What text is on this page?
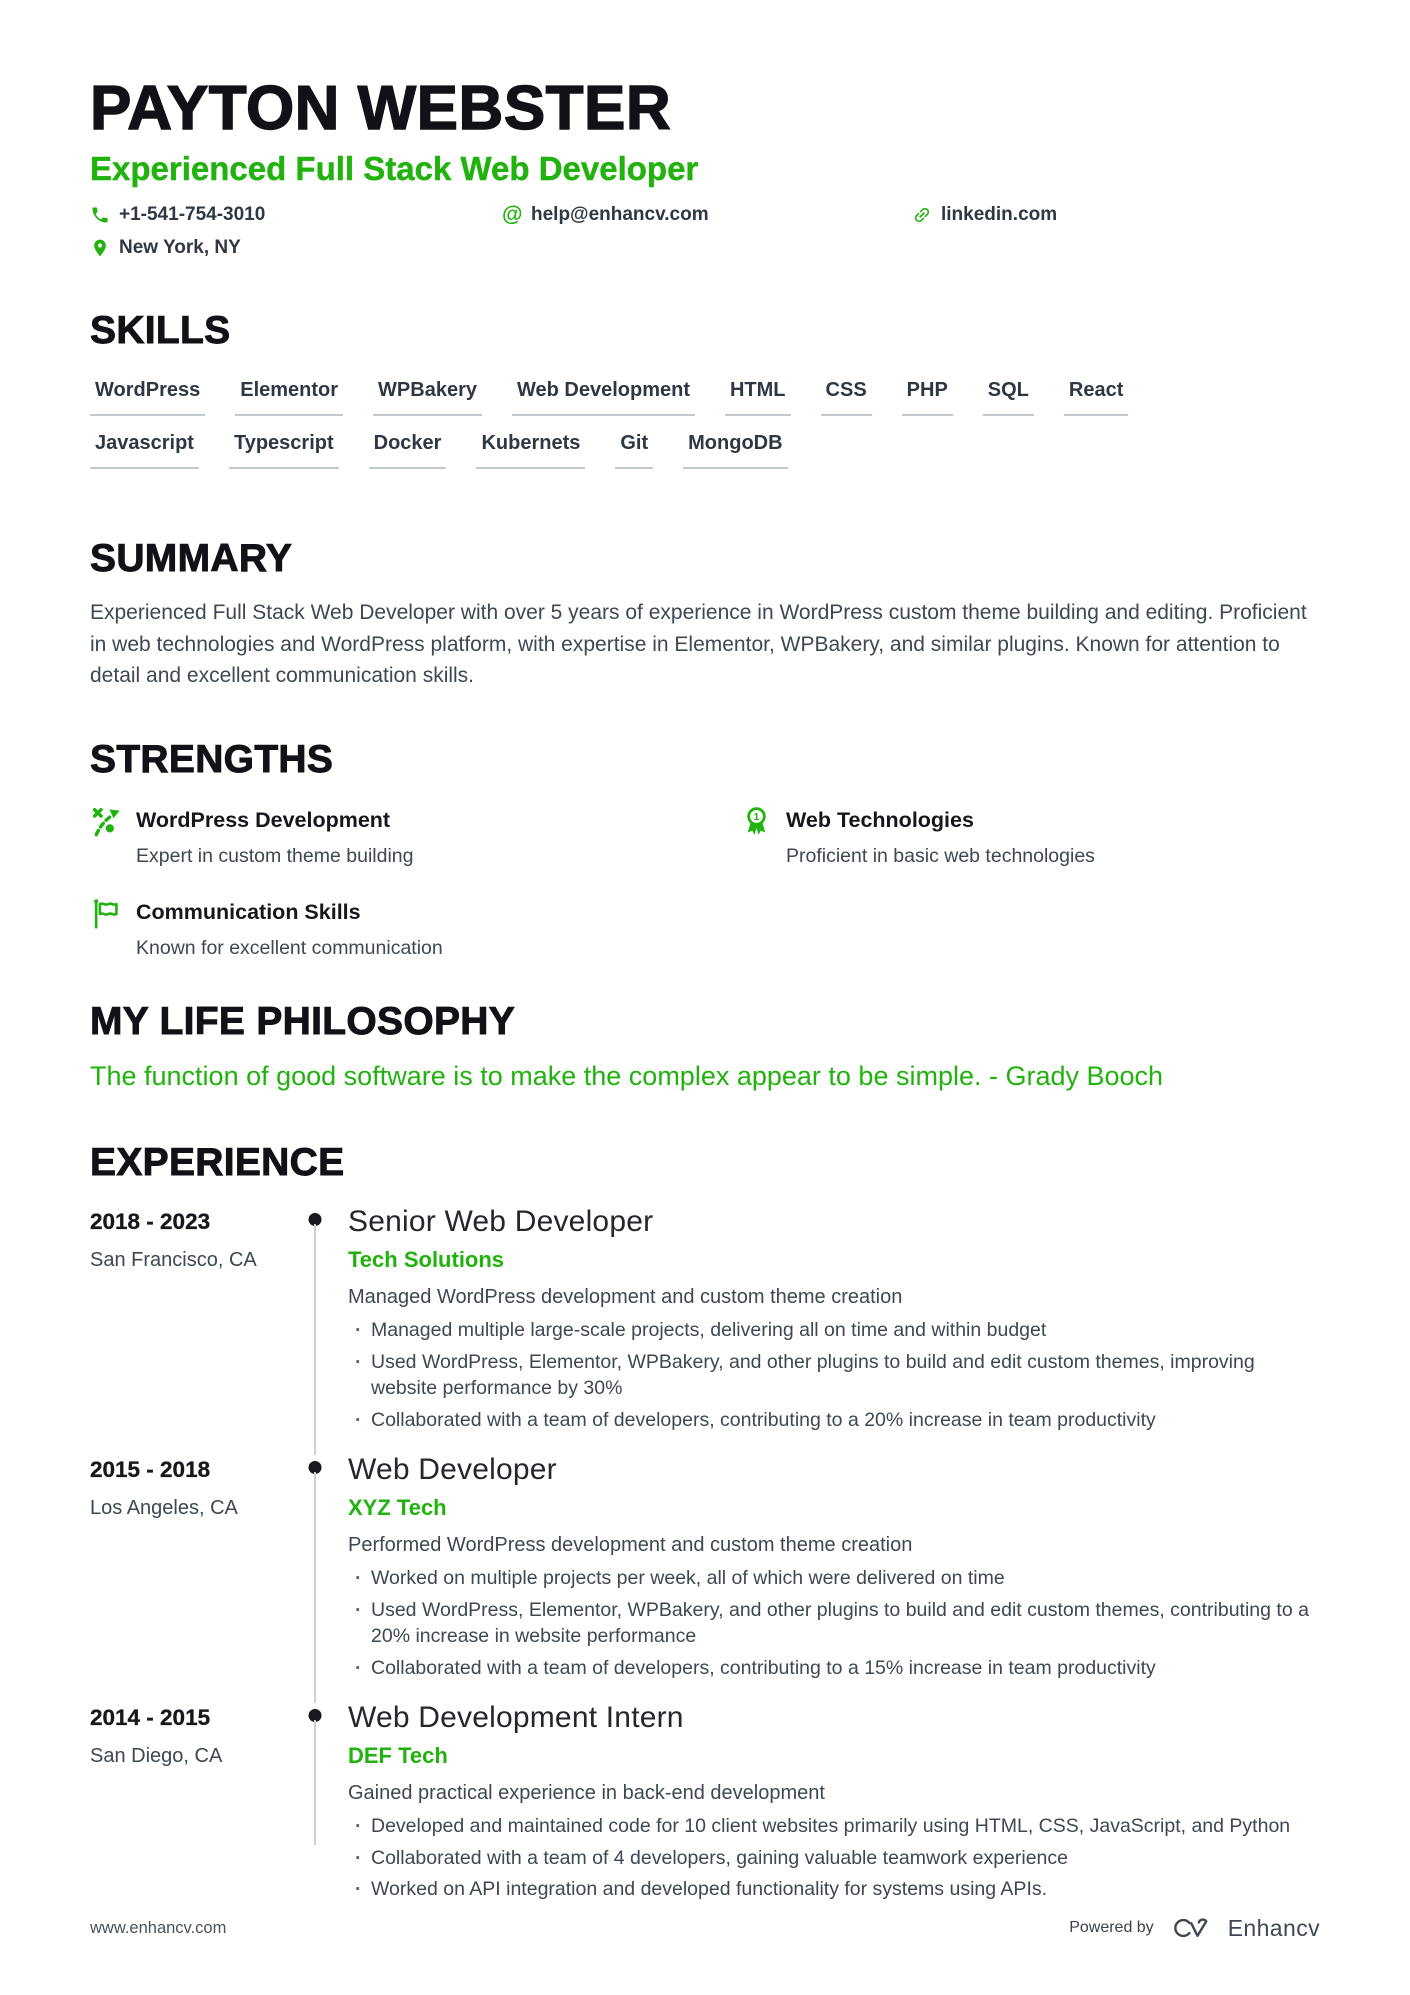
PAYTON WEBSTER
Experienced Full Stack Web Developer
+1-541-754-3010	@ help@enhancv.com	linkedin.com
New York, NY
SKILLS
WordPress Elementor WPBakery Web Development HTML CSS PHP SQL React
Javascript Typescript Docker Kubernets Git MongoDB
SUMMARY
Experienced Full Stack Web Developer with over 5 years of experience in WordPress custom theme building and editing. Proficient in web technologies and WordPress platform, with expertise in Elementor, WPBakery, and similar plugins. Known for attention to detail and excellent communication skills.
STRENGTHS
WordPress Development
Expert in custom theme building
1 Web Technologies
Proficient in basic web technologies
Communication Skills
Known for excellent communication
MY LIFE PHILOSOPHY
The function of good software is to make the complex appear to be simple. - Grady Booch
EXPERIENCE
2018 - 2023
San Francisco, CA
Senior Web Developer
Tech Solutions
Managed WordPress development and custom theme creation
· Managed multiple large-scale projects, delivering all on time and within budget
· Used WordPress, Elementor, WPBakery, and other plugins to build and edit custom themes, improving website performance by 30%
· Collaborated with a team of developers, contributing to a 20% increase in team productivity
2015 - 2018
Los Angeles, CA
Web Developer
XYZ Tech
Performed WordPress development and custom theme creation
· Worked on multiple projects per week, all of which were delivered on time
· Used WordPress, Elementor, WPBakery, and other plugins to build and edit custom themes, contributing to a 20% increase in website performance
· Collaborated with a team of developers, contributing to a 15% increase in team productivity
2014 - 2015
San Diego, CA
Web Development Intern
DEF Tech
Gained practical experience in back-end development
· Developed and maintained code for 10 client websites primarily using HTML, CSS, JavaScript, and Python
· Collaborated with a team of 4 developers, gaining valuable teamwork experience
· Worked on API integration and developed functionality for systems using APIs.
www.enhancv.com	Powered by	Enhancv
